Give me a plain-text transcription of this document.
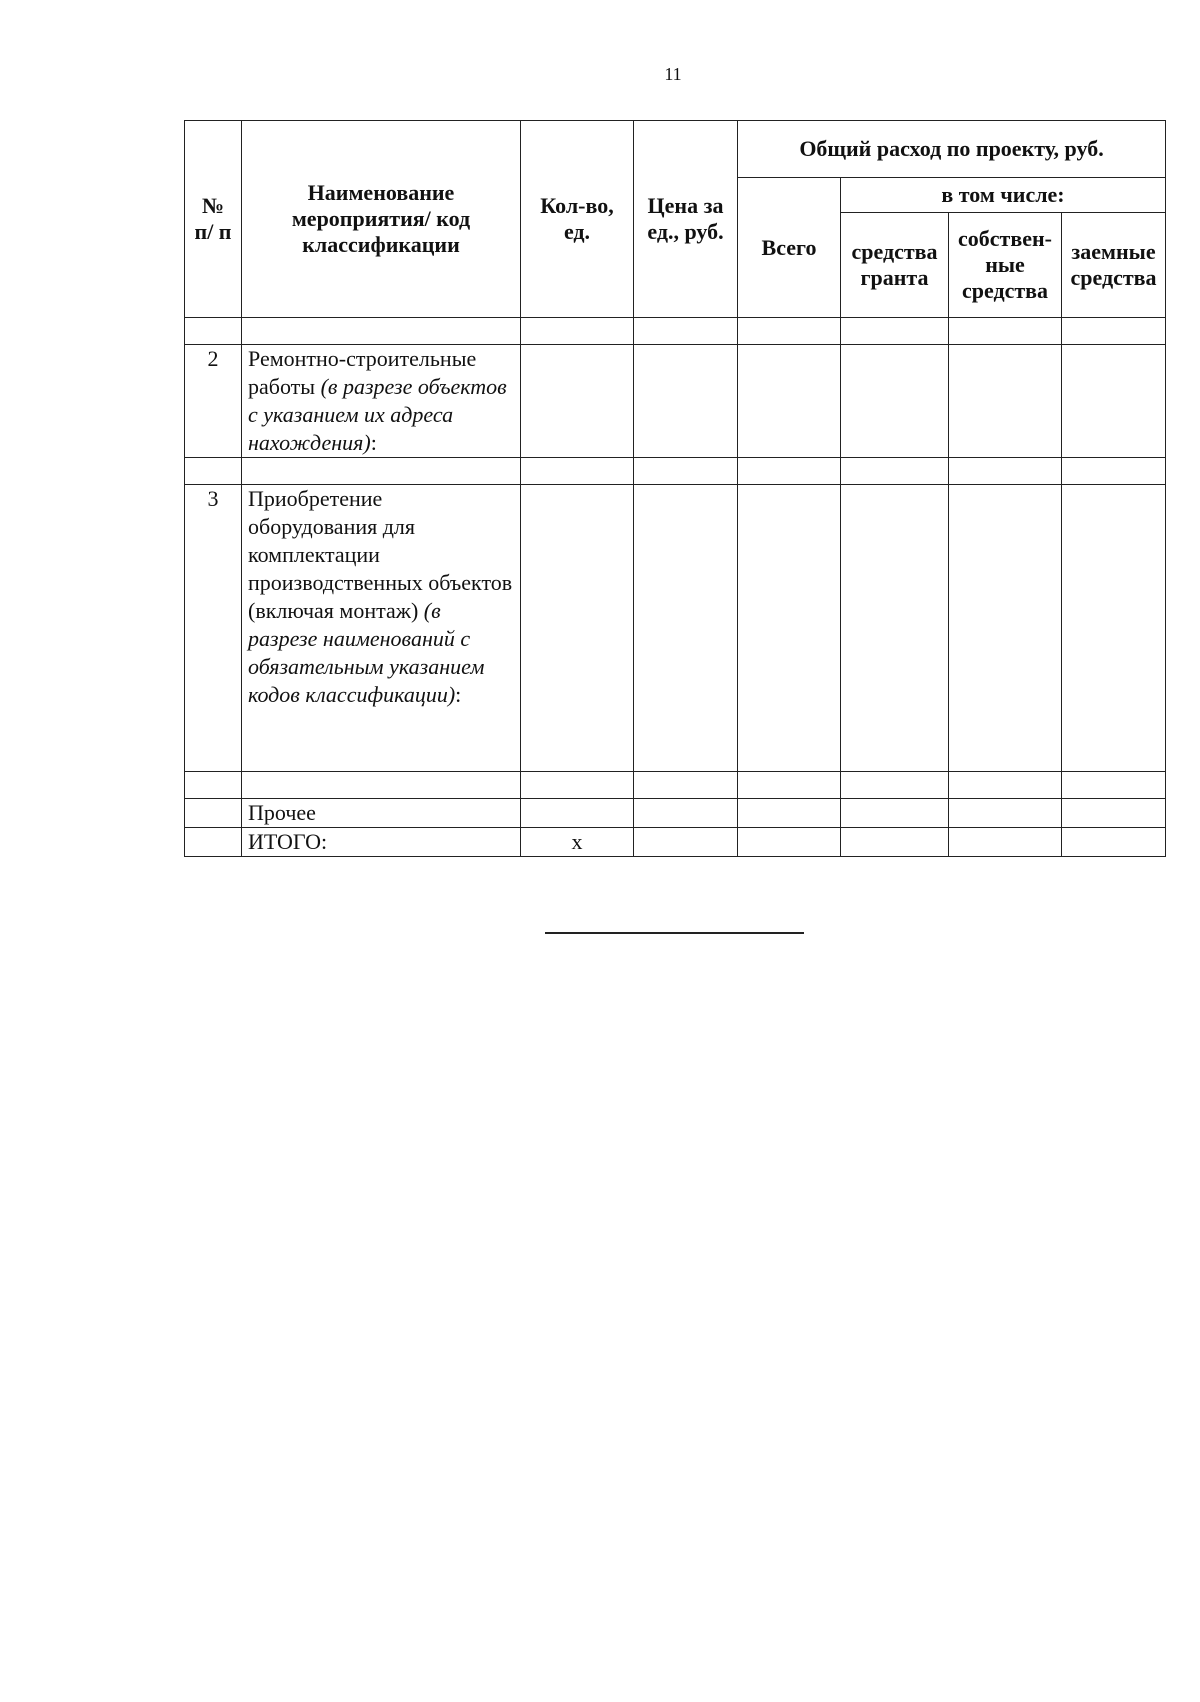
11
№ п/ п	Наименование мероприятия/ код классификации	Кол-во, ед.	Цена за ед., руб.	Общий расход по проекту, руб.			
				Всего	в том числе:		
					средства гранта	собствен-ные средства	заемные средства

2	Ремонтно-строительные работы (в разрезе объектов с указанием их адреса нахождения):						

3	Приобретение оборудования для комплектации производственных объектов (включая монтаж) (в разрезе наименований с обязательным указанием кодов классификации):						

	Прочее						
	ИТОГО:	х					
